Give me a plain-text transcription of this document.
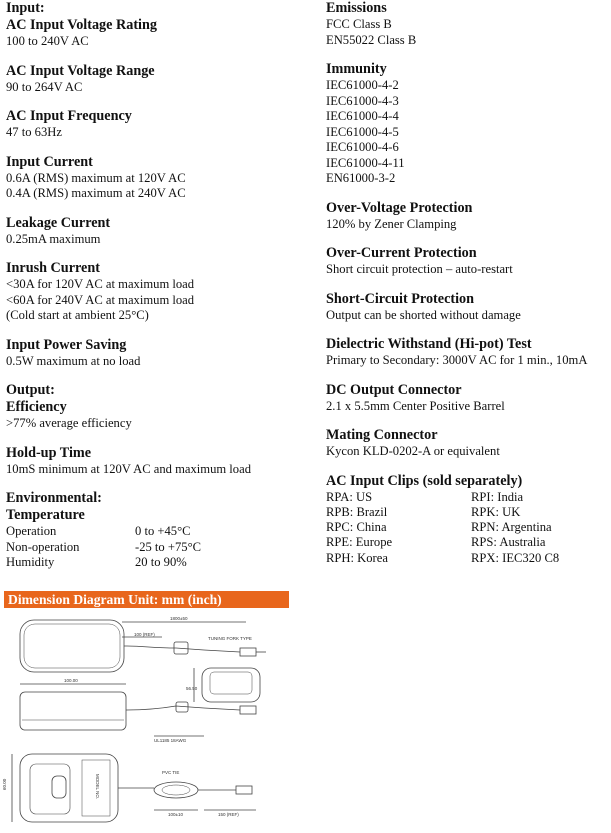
Input:

AC Input Voltage Rating

100 to 240V AC

AC Input Voltage Range

90 to 264V AC

AC Input Frequency

47 to 63Hz

Input Current

0.6A (RMS) maximum at 120V AC

0.4A (RMS) maximum at 240V AC

Leakage Current

0.25mA maximum

Inrush Current

<30A for 120V AC at maximum load

<60A for 240V AC at maximum load

(Cold start at ambient 25°C)

Input Power Saving

0.5W maximum at no load

Output:

Efficiency

>77% average efficiency

Hold-up Time

10mS minimum at 120V AC and maximum load

Environmental:

Temperature

Operation	0 to +45°C
Non-operation	-25 to +75°C
Humidity	20 to 90%

Emissions

FCC Class B

EN55022 Class B

Immunity

IEC61000-4-2

IEC61000-4-3

IEC61000-4-4

IEC61000-4-5

IEC61000-4-6

IEC61000-4-11

EN61000-3-2

Over-Voltage Protection

120% by Zener Clamping

Over-Current Protection

Short circuit protection – auto-restart

Short-Circuit Protection

Output can be shorted without damage

Dielectric Withstand (Hi-pot) Test

Primary to Secondary: 3000V AC for 1 min., 10mA

DC Output Connector

2.1 x 5.5mm Center Positive Barrel

Mating Connector

Kycon KLD-0202-A or equivalent

AC Input Clips (sold separately)

RPA: US	RPI: India
RPB: Brazil	RPK: UK
RPC: China	RPN: Argentina
RPE: Europe	RPS: Australia
RPH: Korea	RPX: IEC320 C8
Dimension Diagram Unit: mm (inch)
1800±50
100 (REF)
TUNING FORK TYPE
100.00
56.50
UL1185 18AWG
PVC TIE
100±10	150 (REF)
60.00	MODEL NO.
